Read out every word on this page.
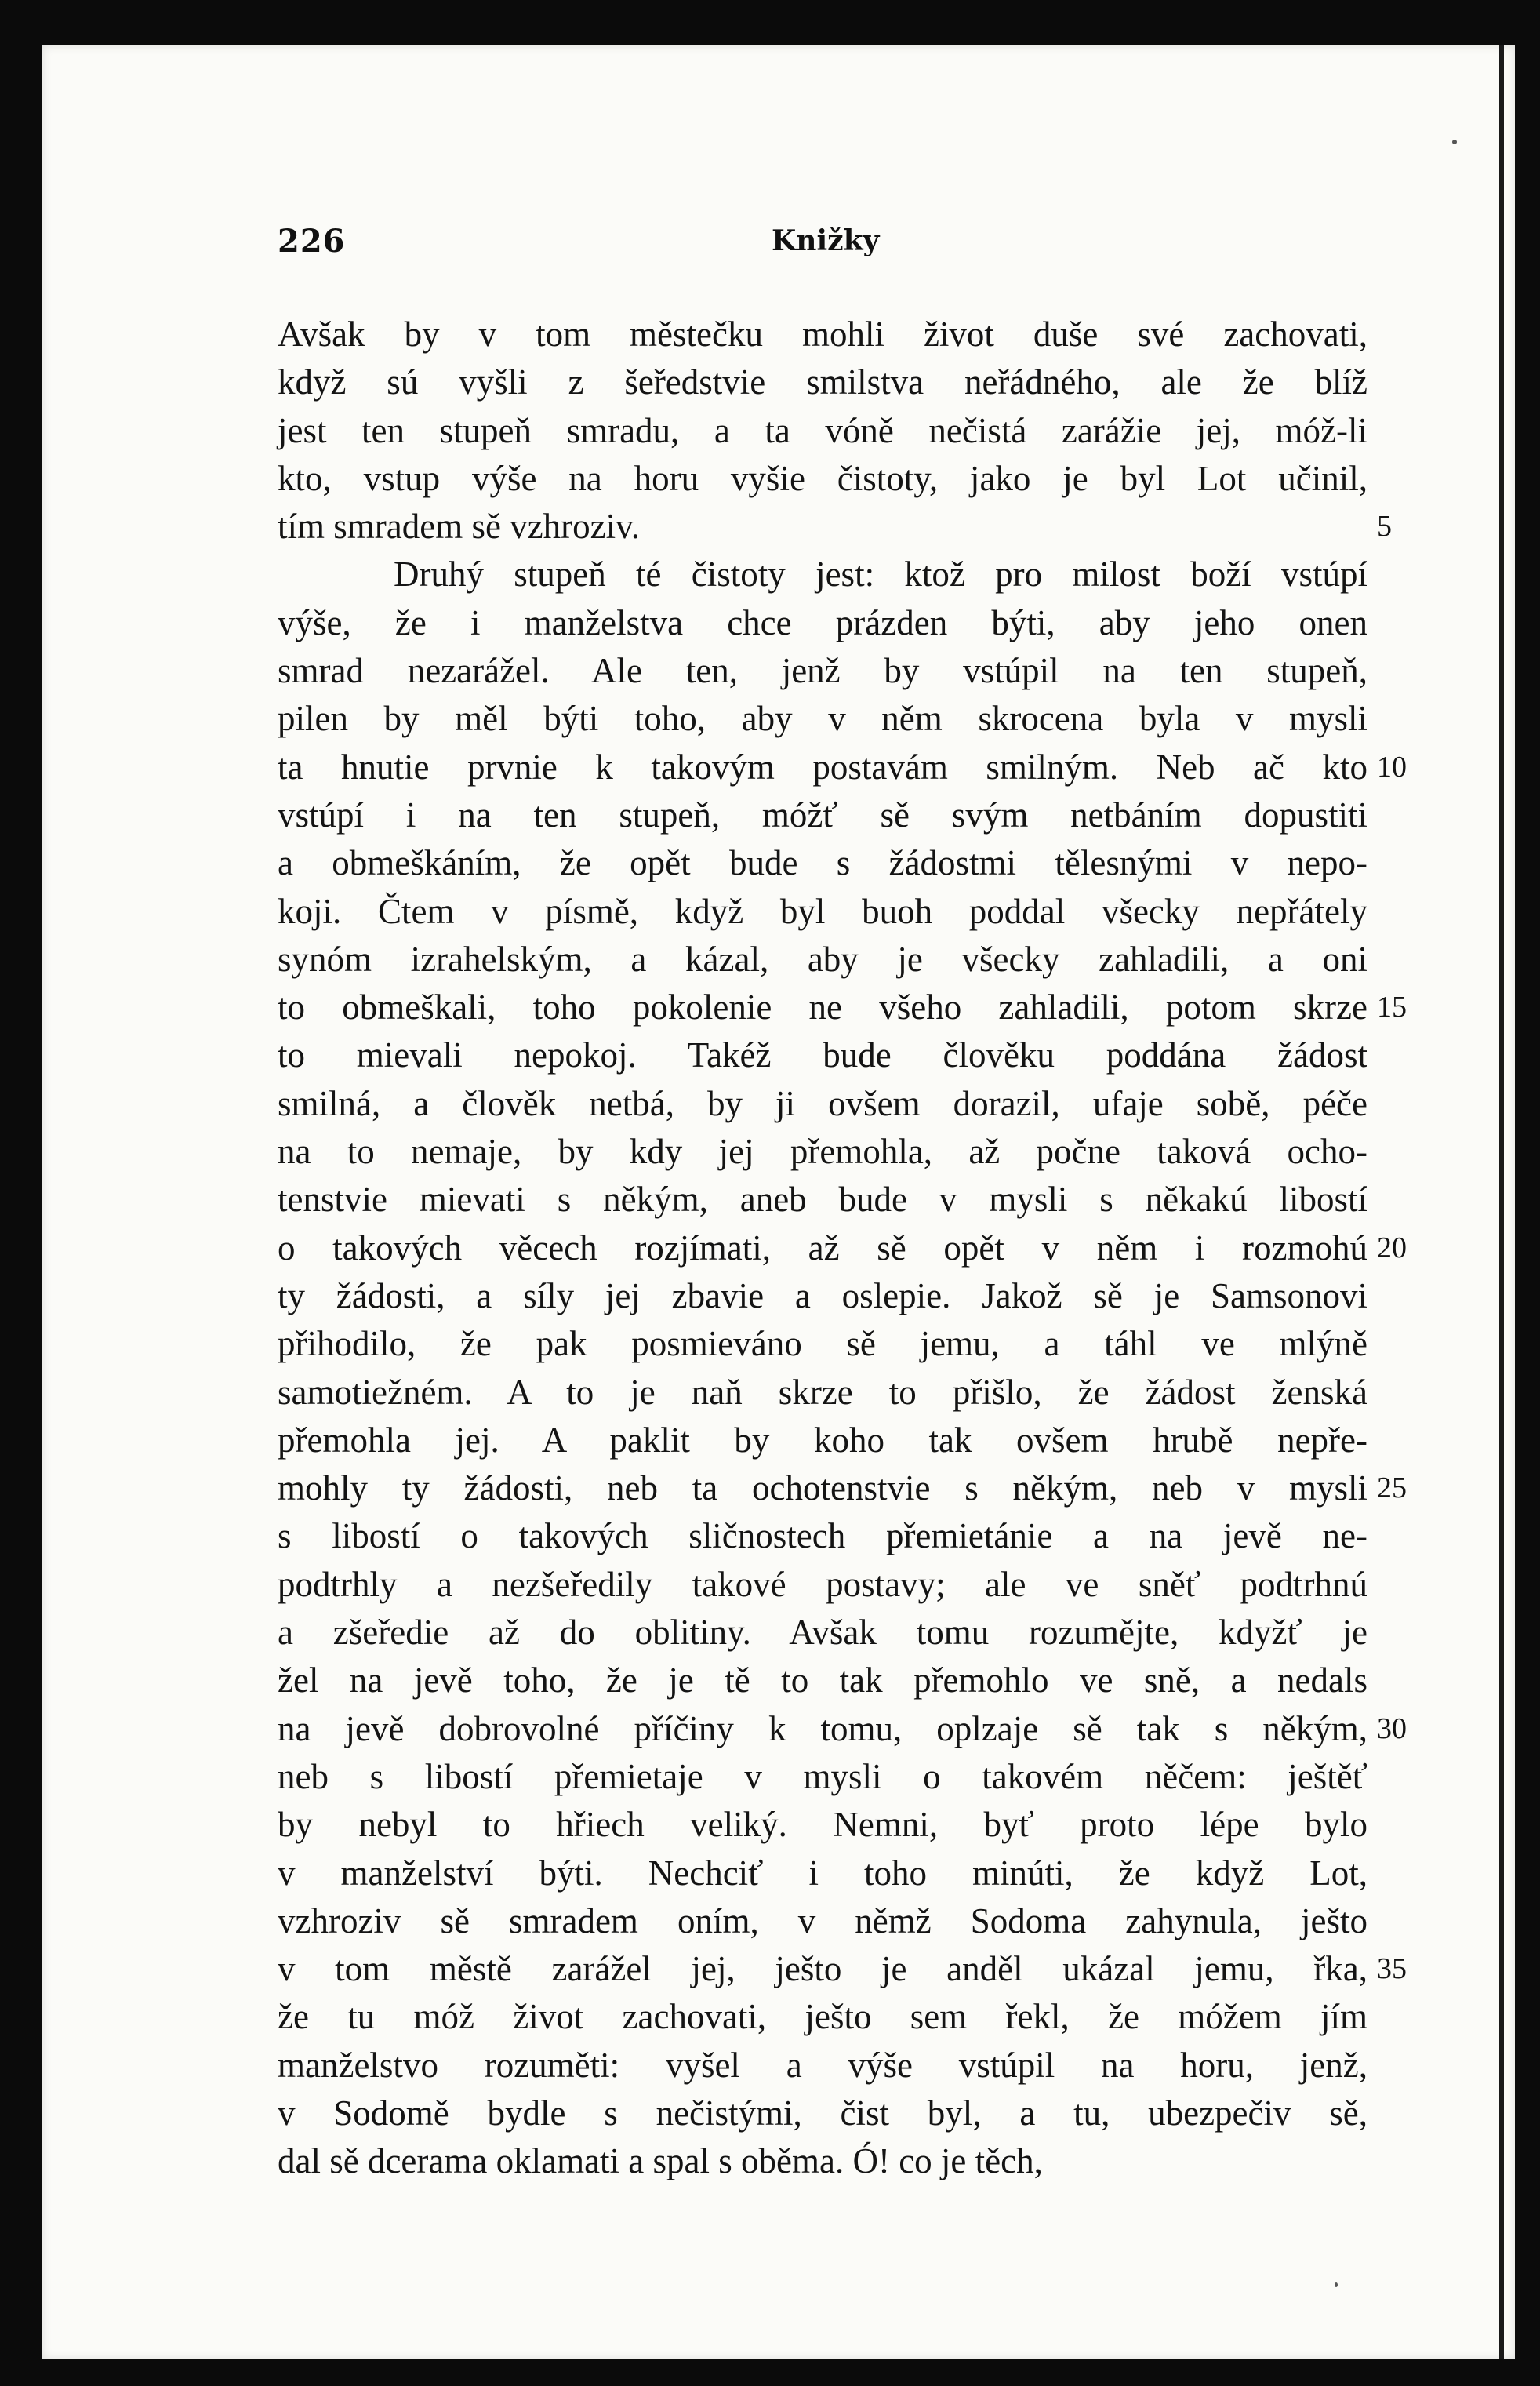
226	Knižky
Avšak by v tom městečku mohli život duše své zachovati,
když sú vyšli z šeředstvie smilstva neřádného, ale že blíž
jest ten stupeň smradu, a ta vóně nečistá zarážie jej, móž-li
kto, vstup výše na horu vyšie čistoty, jako je byl Lot učinil,
tím smradem sě vzhroziv.	5
Druhý stupeň té čistoty jest: ktož pro milost boží vstúpí
výše, že i manželstva chce prázden býti, aby jeho onen
smrad nezarážel. Ale ten, jenž by vstúpil na ten stupeň,
pilen by měl býti toho, aby v něm skrocena byla v mysli
ta hnutie prvnie k takovým postavám smilným. Neb ač kto 10
vstúpí i na ten stupeň, móžť sě svým netbáním dopustiti
a obmeškáním, že opět bude s žádostmi tělesnými v nepo-
koji. Čtem v písmě, když byl buoh poddal všecky nepřátely
synóm izrahelským, a kázal, aby je všecky zahladili, a oni
to obmeškali, toho pokolenie ne všeho zahladili, potom skrze 15
to mievali nepokoj. Takéž bude člověku poddána žádost
smilná, a člověk netbá, by ji ovšem dorazil, ufaje sobě, péče
na to nemaje, by kdy jej přemohla, až počne taková ocho-
tenstvie mievati s někým, aneb bude v mysli s někakú libostí
o takových věcech rozjímati, až sě opět v něm i rozmohú 20
ty žádosti, a síly jej zbavie a oslepie. Jakož sě je Samsonovi
přihodilo, že pak posmieváno sě jemu, a táhl ve mlýně
samotiežném. A to je naň skrze to přišlo, že žádost ženská
přemohla jej. A paklit by koho tak ovšem hrubě nepře-
mohly ty žádosti, neb ta ochotenstvie s někým, neb v mysli 25
s libostí o takových sličnostech přemietánie a na jevě ne-
podtrhly a nezšeředily takové postavy; ale ve sněť podtrhnú
a zšeředie až do oblitiny. Avšak tomu rozumějte, kdyžť je
žel na jevě toho, že je tě to tak přemohlo ve sně, a nedals
na jevě dobrovolné příčiny k tomu, oplzaje sě tak s někým, 30
neb s libostí přemietaje v mysli o takovém něčem: ještěť
by nebyl to hřiech veliký. Nemni, byť proto lépe bylo
v manželství býti. Nechciť i toho minúti, že když Lot,
vzhroziv sě smradem oním, v němž Sodoma zahynula, ješto
v tom městě zarážel jej, ješto je anděl ukázal jemu, řka, 35
že tu móž život zachovati, ješto sem řekl, že móžem jím
manželstvo rozuměti: vyšel a výše vstúpil na horu, jenž,
v Sodomě bydle s nečistými, čist byl, a tu, ubezpečiv sě,
dal sě dcerama oklamati a spal s oběma. Ó! co je těch,
